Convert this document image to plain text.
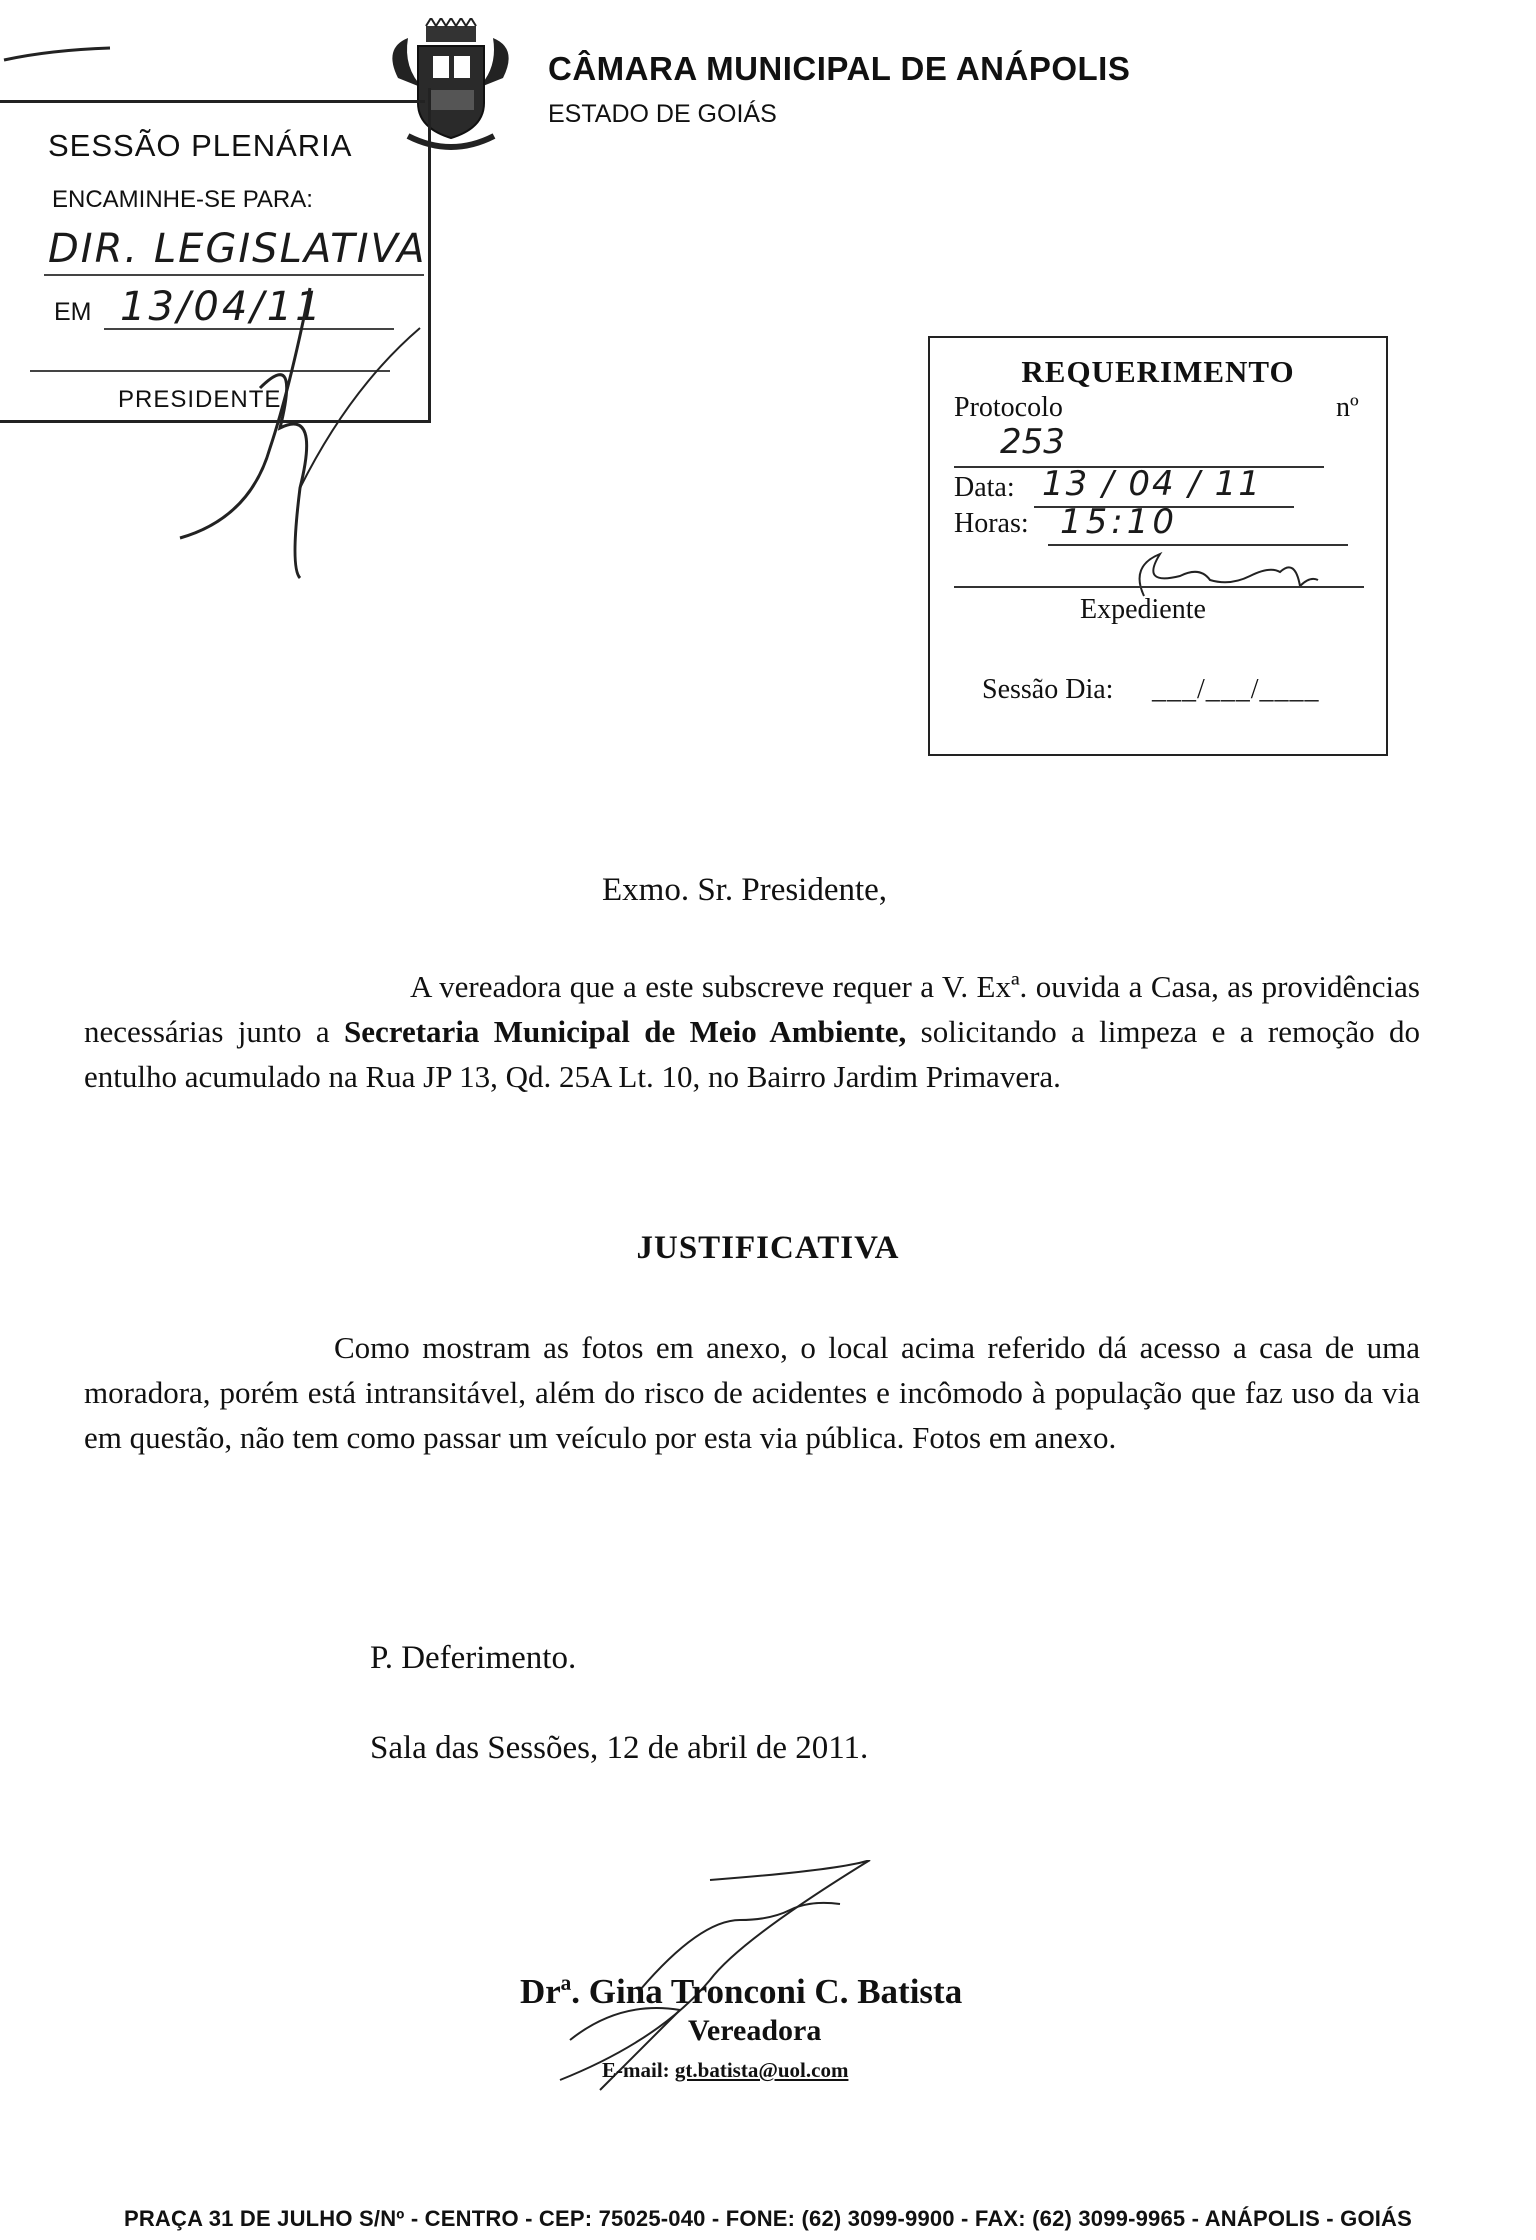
CÂMARA MUNICIPAL DE ANÁPOLIS
ESTADO DE GOIÁS
SESSÃO PLENÁRIA
ENCAMINHE-SE PARA:
DIR. LEGISLATIVA
EM 13/04/11
PRESIDENTE
REQUERIMENTO
Protocolo	nº
253
Data: 13 / 04 / 11
Horas: 15:10
Expediente
Sessão Dia: ___/___/____
Exmo. Sr. Presidente,
A vereadora que a este subscreve requer a V. Exª. ouvida a Casa, as providências necessárias junto a Secretaria Municipal de Meio Ambiente, solicitando a limpeza e a remoção do entulho acumulado na Rua JP 13, Qd. 25A Lt. 10, no Bairro Jardim Primavera.
JUSTIFICATIVA
Como mostram as fotos em anexo, o local acima referido dá acesso a casa de uma moradora, porém está intransitável, além do risco de acidentes e incômodo à população que faz uso da via em questão, não tem como passar um veículo por esta via pública. Fotos em anexo.
P. Deferimento.
Sala das Sessões, 12 de abril de 2011.
Drª. Gina Tronconi C. Batista
Vereadora
E-mail: gt.batista@uol.com
PRAÇA 31 DE JULHO S/Nº - CENTRO - CEP: 75025-040 - FONE: (62) 3099-9900 - FAX: (62) 3099-9965 - ANÁPOLIS - GOIÁS
